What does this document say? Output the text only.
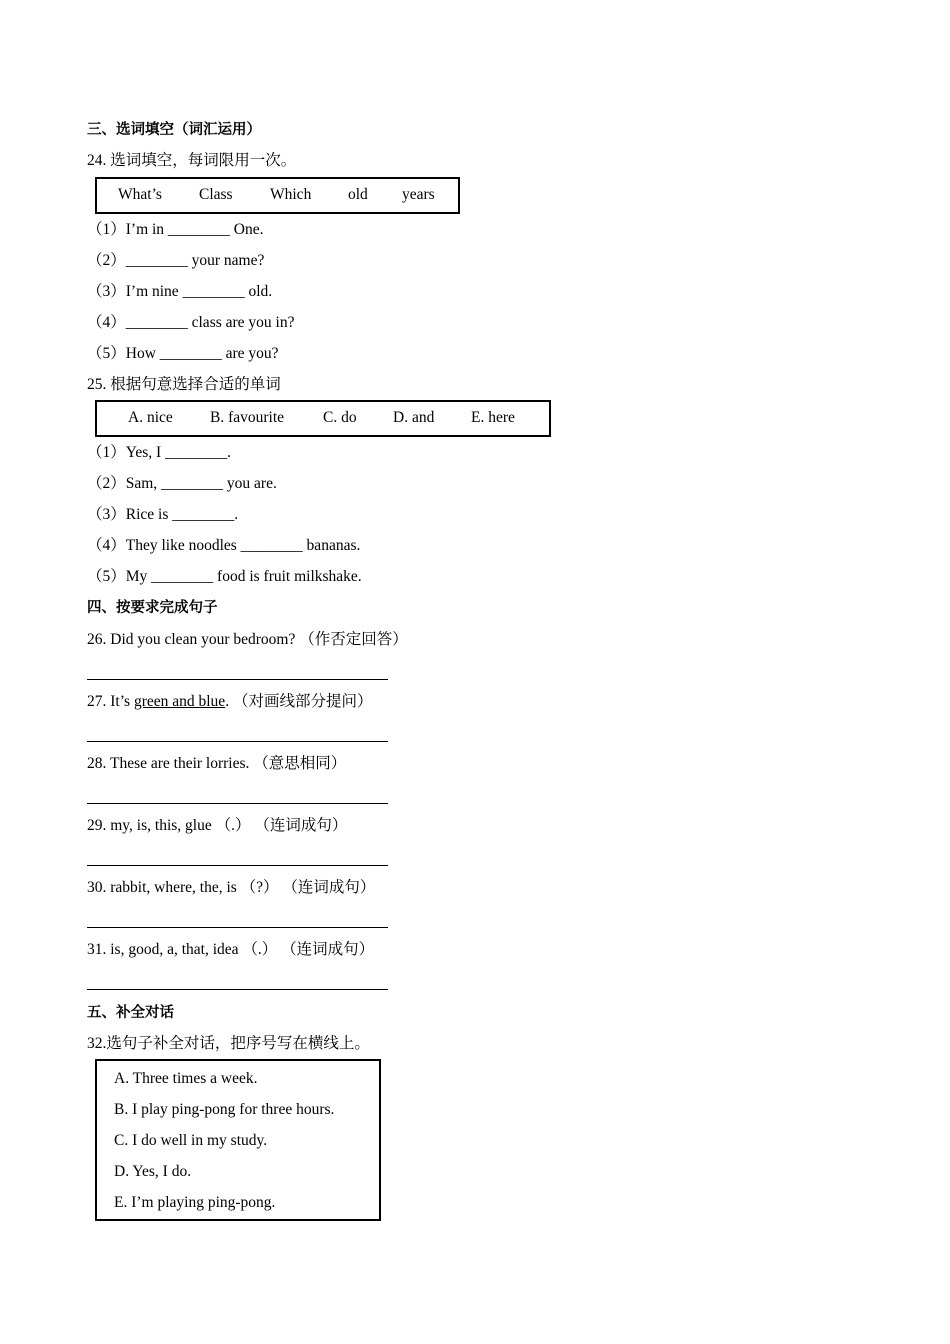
三、选词填空（词汇运用）
24. 选词填空，每词限用一次。
What’s Class Which old years
（1）I’m in ________ One.
（2）________ your name?
（3）I’m nine ________ old.
（4）________ class are you in?
（5）How ________ are you?
25. 根据句意选择合适的单词
A. nice B. favourite	C. do D. and E. here
（1）Yes, I ________.
（2）Sam, ________ you are.
（3）Rice is ________.
（4）They like noodles ________ bananas.
（5）My ________ food is fruit milkshake.
四、按要求完成句子
26. Did you clean your bedroom? （作否定回答）
27. It’s green and blue. （对画线部分提问）
28. These are their lorries. （意思相同）
29. my, is, this, glue （.） （连词成句）
30. rabbit, where, the, is （?） （连词成句）
31. is, good, a, that, idea （.） （连词成句）
五、补全对话
32.选句子补全对话，把序号写在横线上。
A. Three times a week.
B. I play ping-pong for three hours.
C. I do well in my study.
D. Yes, I do.
E. I’m playing ping-pong.
